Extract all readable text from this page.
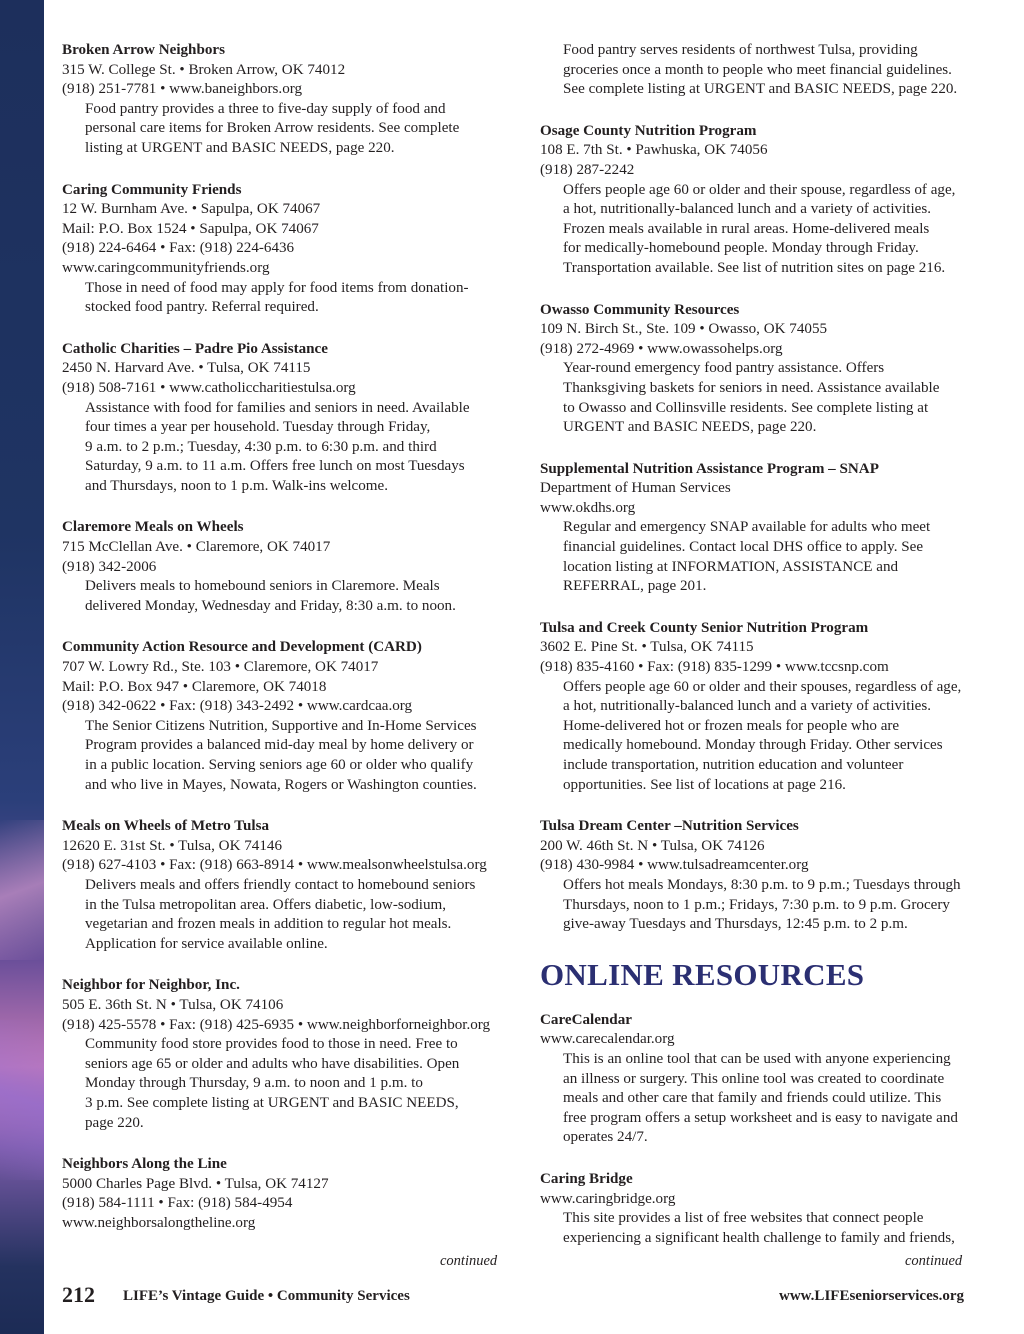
Broken Arrow Neighbors
315 W. College St. • Broken Arrow, OK 74012
(918) 251-7781 • www.baneighbors.org
Food pantry provides a three to five-day supply of food and
personal care items for Broken Arrow residents. See complete
listing at URGENT and BASIC NEEDS, page 220.
Caring Community Friends
12 W. Burnham Ave. • Sapulpa, OK 74067
Mail: P.O. Box 1524 • Sapulpa, OK 74067
(918) 224-6464 • Fax: (918) 224-6436
www.caringcommunityfriends.org
Those in need of food may apply for food items from donation-
stocked food pantry. Referral required.
Catholic Charities – Padre Pio Assistance
2450 N. Harvard Ave. • Tulsa, OK 74115
(918) 508-7161 • www.catholiccharitiestulsa.org
Assistance with food for families and seniors in need. Available
four times a year per household. Tuesday through Friday,
9 a.m. to 2 p.m.; Tuesday, 4:30 p.m. to 6:30 p.m. and third
Saturday, 9 a.m. to 11 a.m. Offers free lunch on most Tuesdays
and Thursdays, noon to 1 p.m. Walk-ins welcome.
Claremore Meals on Wheels
715 McClellan Ave. • Claremore, OK 74017
(918) 342-2006
Delivers meals to homebound seniors in Claremore. Meals
delivered Monday, Wednesday and Friday, 8:30 a.m. to noon.
Community Action Resource and Development (CARD)
707 W. Lowry Rd., Ste. 103 • Claremore, OK 74017
Mail: P.O. Box 947 • Claremore, OK 74018
(918) 342-0622 • Fax: (918) 343-2492 • www.cardcaa.org
The Senior Citizens Nutrition, Supportive and In-Home Services
Program provides a balanced mid-day meal by home delivery or
in a public location. Serving seniors age 60 or older who qualify
and who live in Mayes, Nowata, Rogers or Washington counties.
Meals on Wheels of Metro Tulsa
12620 E. 31st St. • Tulsa, OK 74146
(918) 627-4103 • Fax: (918) 663-8914 • www.mealsonwheelstulsa.org
Delivers meals and offers friendly contact to homebound seniors
in the Tulsa metropolitan area. Offers diabetic, low-sodium,
vegetarian and frozen meals in addition to regular hot meals.
Application for service available online.
Neighbor for Neighbor, Inc.
505 E. 36th St. N • Tulsa, OK 74106
(918) 425-5578 • Fax: (918) 425-6935 • www.neighborforneighbor.org
Community food store provides food to those in need. Free to
seniors age 65 or older and adults who have disabilities. Open
Monday through Thursday, 9 a.m. to noon and 1 p.m. to
3 p.m. See complete listing at URGENT and BASIC NEEDS,
page 220.
Neighbors Along the Line
5000 Charles Page Blvd. • Tulsa, OK 74127
(918) 584-1111 • Fax: (918) 584-4954
www.neighborsalongtheline.org
Food pantry serves residents of northwest Tulsa, providing
groceries once a month to people who meet financial guidelines.
See complete listing at URGENT and BASIC NEEDS, page 220.
Osage County Nutrition Program
108 E. 7th St. • Pawhuska, OK 74056
(918) 287-2242
Offers people age 60 or older and their spouse, regardless of age,
a hot, nutritionally-balanced lunch and a variety of activities.
Frozen meals available in rural areas. Home-delivered meals
for medically-homebound people. Monday through Friday.
Transportation available. See list of nutrition sites on page 216.
Owasso Community Resources
109 N. Birch St., Ste. 109 • Owasso, OK 74055
(918) 272-4969 • www.owassohelps.org
Year-round emergency food pantry assistance. Offers
Thanksgiving baskets for seniors in need. Assistance available
to Owasso and Collinsville residents. See complete listing at
URGENT and BASIC NEEDS, page 220.
Supplemental Nutrition Assistance Program – SNAP
Department of Human Services
www.okdhs.org
Regular and emergency SNAP available for adults who meet
financial guidelines. Contact local DHS office to apply. See
location listing at INFORMATION, ASSISTANCE and
REFERRAL, page 201.
Tulsa and Creek County Senior Nutrition Program
3602 E. Pine St. • Tulsa, OK 74115
(918) 835-4160 • Fax: (918) 835-1299 • www.tccsnp.com
Offers people age 60 or older and their spouses, regardless of age,
a hot, nutritionally-balanced lunch and a variety of activities.
Home-delivered hot or frozen meals for people who are
medically homebound. Monday through Friday. Other services
include transportation, nutrition education and volunteer
opportunities. See list of locations at page 216.
Tulsa Dream Center –Nutrition Services
200 W. 46th St. N • Tulsa, OK 74126
(918) 430-9984 • www.tulsadreamcenter.org
Offers hot meals Mondays, 8:30 p.m. to 9 p.m.; Tuesdays through
Thursdays, noon to 1 p.m.; Fridays, 7:30 p.m. to 9 p.m. Grocery
give-away Tuesdays and Thursdays, 12:45 p.m. to 2 p.m.
ONLINE RESOURCES
CareCalendar
www.carecalendar.org
This is an online tool that can be used with anyone experiencing
an illness or surgery. This online tool was created to coordinate
meals and other care that family and friends could utilize. This
free program offers a setup worksheet and is easy to navigate and
operates 24/7.
Caring Bridge
www.caringbridge.org
This site provides a list of free websites that connect people
experiencing a significant health challenge to family and friends,
continued	continued
212 LIFE’s Vintage Guide • Community Services	www.LIFEseniorservices.org
